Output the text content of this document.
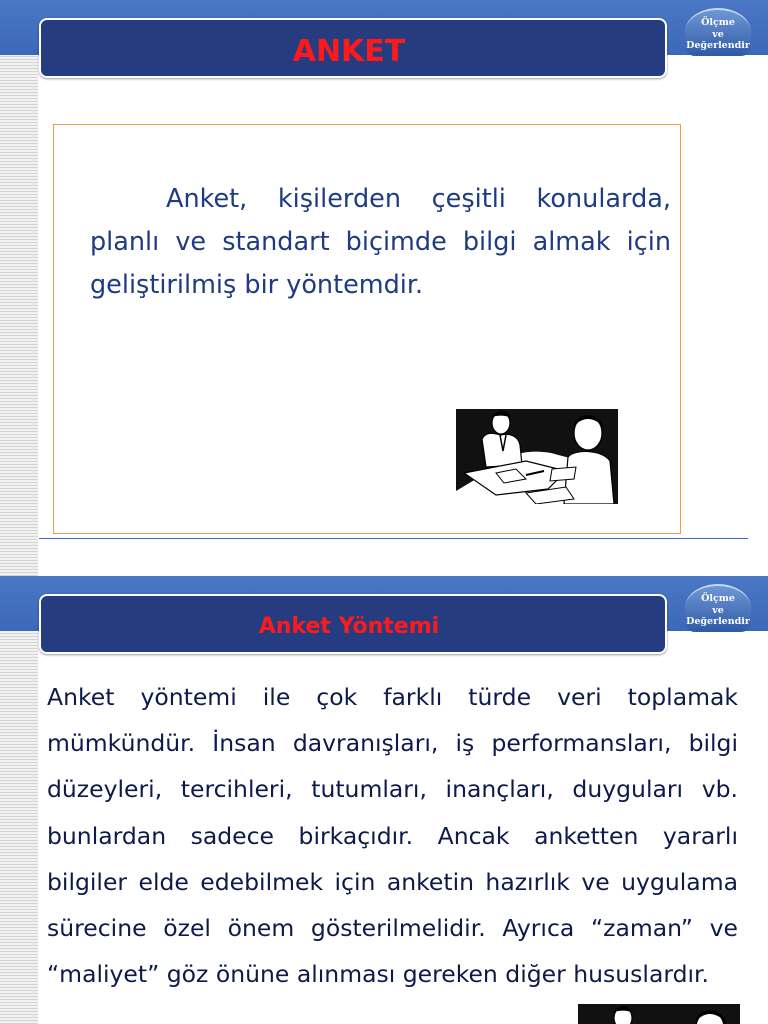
ANKET
Ölçme
ve
Değerlendir

Anket, kişilerden çeşitli konularda, planlı ve standart biçimde bilgi almak için geliştirilmiş bir yöntemdir.

Anket Yöntemi
Ölçme
ve
Değerlendir

Anket yöntemi ile çok farklı türde veri toplamak mümkündür. İnsan davranışları, iş performansları, bilgi düzeyleri, tercihleri, tutumları, inançları, duyguları vb. bunlardan sadece birkaçıdır. Ancak anketten yararlı bilgiler elde edebilmek için anketin hazırlık ve uygulama sürecine özel önem gösterilmelidir. Ayrıca “zaman” ve “maliyet” göz önüne alınması gereken diğer hususlardır.
